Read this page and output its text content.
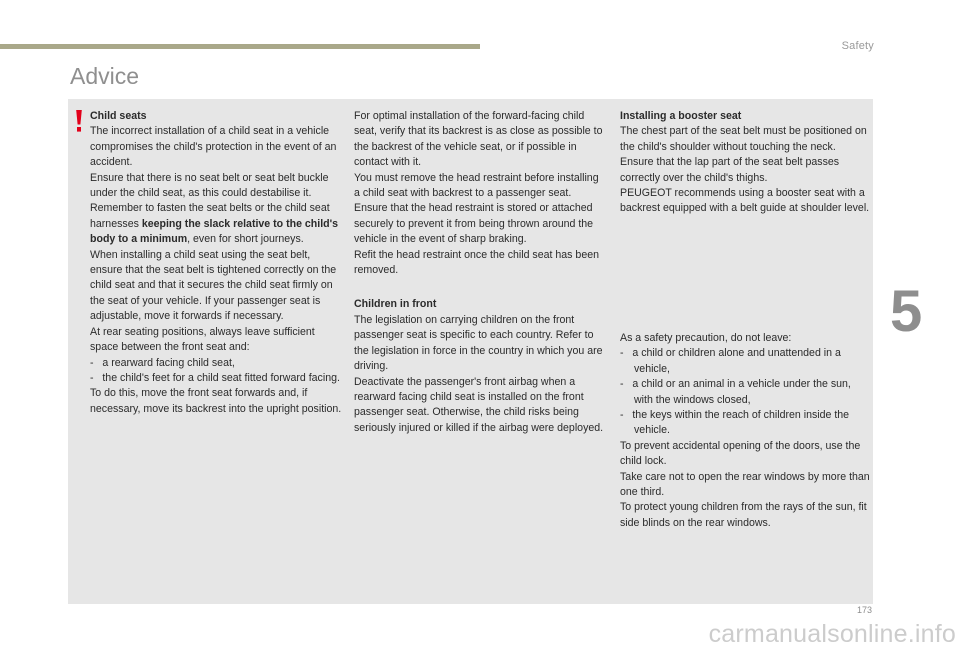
Safety
Advice

Child seats

The incorrect installation of a child seat in a vehicle compromises the child's protection in the event of an accident.

Ensure that there is no seat belt or seat belt buckle under the child seat, as this could destabilise it.

Remember to fasten the seat belts or the child seat harnesses keeping the slack relative to the child's body to a minimum, even for short journeys.

When installing a child seat using the seat belt, ensure that the seat belt is tightened correctly on the child seat and that it secures the child seat firmly on the seat of your vehicle. If your passenger seat is adjustable, move it forwards if necessary.

At rear seating positions, always leave sufficient space between the front seat and:

-   a rearward facing child seat,
-   the child's feet for a child seat fitted forward facing.

To do this, move the front seat forwards and, if necessary, move its backrest into the upright position.

For optimal installation of the forward-facing child seat, verify that its backrest is as close as possible to the backrest of the vehicle seat, or if possible in contact with it.

You must remove the head restraint before installing a child seat with backrest to a passenger seat.

Ensure that the head restraint is stored or attached securely to prevent it from being thrown around the vehicle in the event of sharp braking.

Refit the head restraint once the child seat has been removed.

Children in front

The legislation on carrying children on the front passenger seat is specific to each country. Refer to the legislation in force in the country in which you are driving.

Deactivate the passenger's front airbag when a rearward facing child seat is installed on the front passenger seat. Otherwise, the child risks being seriously injured or killed if the airbag were deployed.

Installing a booster seat

The chest part of the seat belt must be positioned on the child's shoulder without touching the neck.

Ensure that the lap part of the seat belt passes correctly over the child's thighs.

PEUGEOT recommends using a booster seat with a backrest equipped with a belt guide at shoulder level.

As a safety precaution, do not leave:

-   a child or children alone and unattended in a vehicle,
-   a child or an animal in a vehicle under the sun, with the windows closed,
-   the keys within the reach of children inside the vehicle.

To prevent accidental opening of the doors, use the child lock.

Take care not to open the rear windows by more than one third.

To protect young children from the rays of the sun, fit side blinds on the rear windows.

5
173
carmanualsonline.info
